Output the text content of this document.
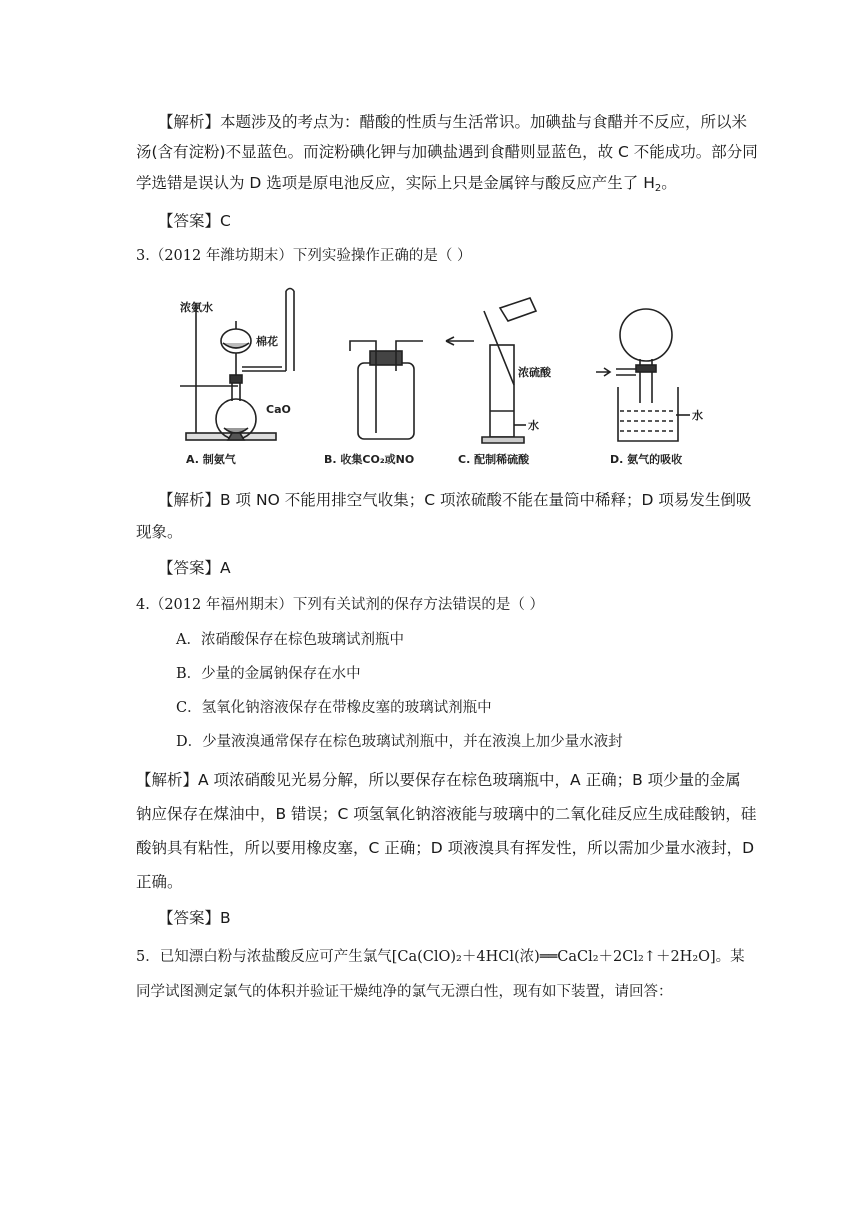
【解析】本题涉及的考点为：醋酸的性质与生活常识。加碘盐与食醋并不反应，所以米
汤(含有淀粉)不显蓝色。而淀粉碘化钾与加碘盐遇到食醋则显蓝色，故 C 不能成功。部分同
学选错是误认为 D 选项是原电池反应，实际上只是金属锌与酸反应产生了 $H_2$。
【答案】C
3.（2012 年潍坊期末）下列实验操作正确的是（ ）
浓氨水
棉花
CaO
浓硫酸
水
水
A. 制氨气	B. 收集CO₂或NO	C. 配制稀硫酸	D. 氨气的吸收
【解析】B 项 NO 不能用排空气收集；C 项浓硫酸不能在量筒中稀释；D 项易发生倒吸
现象。
【答案】A
4.（2012 年福州期末）下列有关试剂的保存方法错误的是（ ）
A．浓硝酸保存在棕色玻璃试剂瓶中
B．少量的金属钠保存在水中
C．氢氧化钠溶液保存在带橡皮塞的玻璃试剂瓶中
D．少量液溴通常保存在棕色玻璃试剂瓶中，并在液溴上加少量水液封
【解析】A 项浓硝酸见光易分解，所以要保存在棕色玻璃瓶中，A 正确；B 项少量的金属
钠应保存在煤油中，B 错误；C 项氢氧化钠溶液能与玻璃中的二氧化硅反应生成硅酸钠，硅
酸钠具有粘性，所以要用橡皮塞，C 正确；D 项液溴具有挥发性，所以需加少量水液封，D
正确。
【答案】B
5．已知漂白粉与浓盐酸反应可产生氯气[Ca(ClO)₂＋4HCl(浓)══CaCl₂＋2Cl₂↑＋2H₂O]。某
同学试图测定氯气的体积并验证干燥纯净的氯气无漂白性，现有如下装置，请回答：
